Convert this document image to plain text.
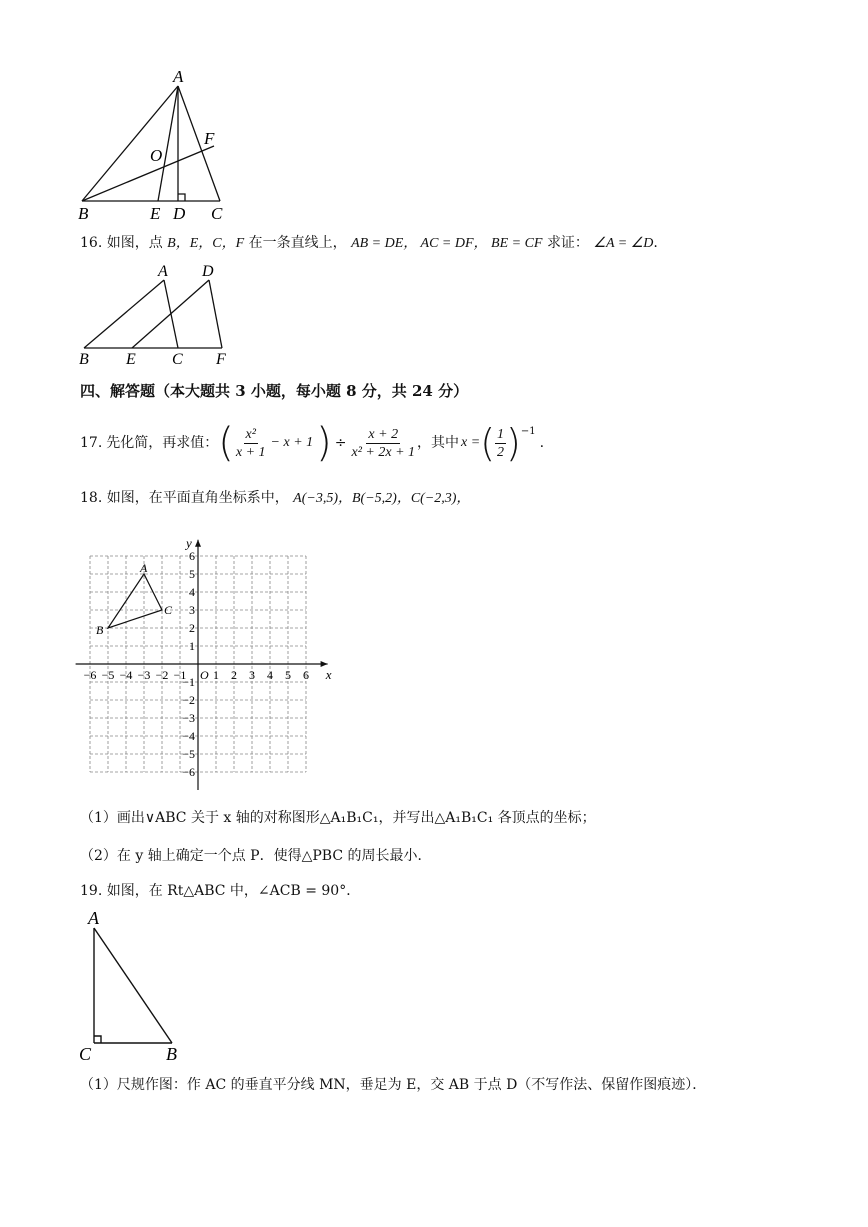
A
O
F
B	E D C
16. 如图，点 B，E，C，F 在一条直线上， AB = DE， AC = DF， BE = CF 求证： ∠A = ∠D.
A D
B E C F
四、解答题（本大题共 3 小题，每小题 8 分，共 24 分）
17. 先化简，再求值： ( $\frac{\text{x²}}{x + 1} - x + 1$ ) ÷ $\frac{x + 2}{\text{x² + 2x + 1}}$ ，其中 x = ( $\frac{1}{2}$ ) −1
.
18. 如图，在平面直角坐标系中， A(−3,5)，B(−5,2)，C(−2,3)，
−6 −5 −4 −3 −2 −1 1 2 3 4 5 6
6
5
4
3
2
1
−1
−2
−3
−4
−5
−6
O	x
y
A
B
C
（1）画出∨ABC 关于 x 轴的对称图形△A₁B₁C₁，并写出△A₁B₁C₁ 各顶点的坐标；
（2）在 y 轴上确定一个点 P．使得△PBC 的周长最小．
19. 如图，在 Rt△ABC 中，∠ACB = 90°．
A
C	B
（1）尺规作图：作 AC 的垂直平分线 MN，垂足为 E，交 AB 于点 D（不写作法、保留作图痕迹）．
